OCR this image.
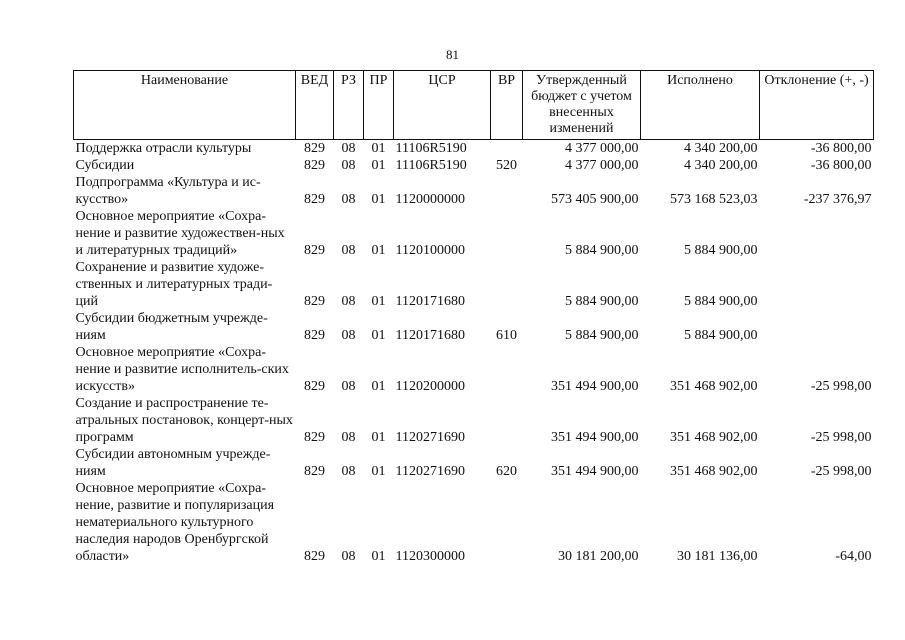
81
Наименование	ВЕД	РЗ	ПР	ЦСР	ВР	Утвержденный бюджет с учетом внесенных изменений	Исполнено	Отклонение (+, -)
Поддержка отрасли культуры	829	08	01	11106R5190		4 377 000,00	4 340 200,00	-36 800,00
Субсидии	829	08	01	11106R5190	520	4 377 000,00	4 340 200,00	-36 800,00
Подпрограмма «Культура и ис-кусство»	829	08	01	1120000000		573 405 900,00	573 168 523,03	-237 376,97
Основное мероприятие «Сохра-нение и развитие художествен-ных и литературных традиций»	829	08	01	1120100000		5 884 900,00	5 884 900,00	
Сохранение и развитие художе-ственных и литературных тради-ций	829	08	01	1120171680		5 884 900,00	5 884 900,00	
Субсидии бюджетным учрежде-ниям	829	08	01	1120171680	610	5 884 900,00	5 884 900,00	
Основное мероприятие «Сохра-нение и развитие исполнитель-ских искусств»	829	08	01	1120200000		351 494 900,00	351 468 902,00	-25 998,00
Создание и распространение те-атральных постановок, концерт-ных программ	829	08	01	1120271690		351 494 900,00	351 468 902,00	-25 998,00
Субсидии автономным учрежде-ниям	829	08	01	1120271690	620	351 494 900,00	351 468 902,00	-25 998,00
Основное мероприятие «Сохра-нение, развитие и популяризация нематериального культурного наследия народов Оренбургской области»	829	08	01	1120300000		30 181 200,00	30 181 136,00	-64,00
